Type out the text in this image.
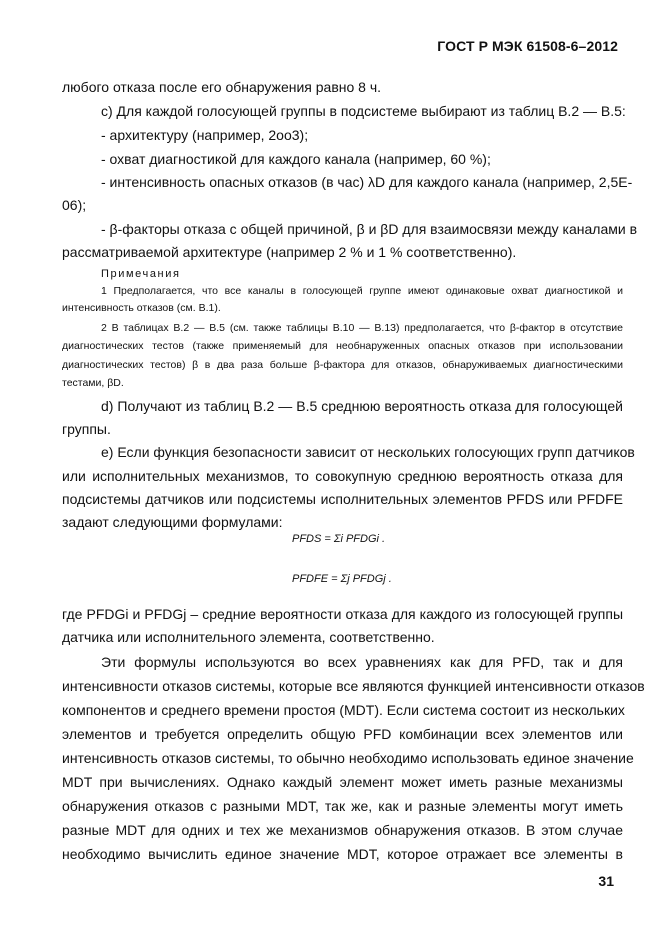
ГОСТ Р МЭК 61508-6–2012
любого отказа после его обнаружения равно 8 ч.
c) Для каждой голосующей группы в подсистеме выбирают из таблиц В.2 — В.5:
- архитектуру (например, 2oo3);
- охват диагностикой для каждого канала (например, 60 %);
- интенсивность опасных отказов (в час) λD для каждого канала (например, 2,5Е-
06);
- β-факторы отказа с общей причиной, β и βD для взаимосвязи между каналами в
рассматриваемой архитектуре (например 2 % и 1 % соответственно).
Примечания
1 Предполагается, что все каналы в голосующей группе имеют одинаковые охват диагностикой и
интенсивность отказов (см. В.1).
2 В таблицах В.2 — В.5 (см. также таблицы В.10 — В.13) предполагается, что β-фактор в отсутствие
диагностических тестов (также применяемый для необнаруженных опасных отказов при использовании
диагностических тестов) β в два раза больше β-фактора для отказов, обнаруживаемых диагностическими
тестами, βD.
d) Получают из таблиц В.2 — В.5 среднюю вероятность отказа для голосующей
группы.
e) Если функция безопасности зависит от нескольких голосующих групп датчиков
или исполнительных механизмов, то совокупную среднюю вероятность отказа для
подсистемы датчиков или подсистемы исполнительных элементов PFDS или PFDFE
задают следующими формулами:
PFDS = Σi PFDGi .
PFDFE = Σj PFDGj .
где PFDGi и PFDGj – средние вероятности отказа для каждого из голосующей группы
датчика или исполнительного элемента, соответственно.
Эти формулы используются во всех уравнениях как для PFD, так и для
интенсивности отказов системы, которые все являются функцией интенсивности отказов
компонентов и среднего времени простоя (MDT). Если система состоит из нескольких
элементов и требуется определить общую PFD комбинации всех элементов или
интенсивность отказов системы, то обычно необходимо использовать единое значение
MDT при вычислениях. Однако каждый элемент может иметь разные механизмы
обнаружения отказов с разными MDT, так же, как и разные элементы могут иметь
разные MDT для одних и тех же механизмов обнаружения отказов. В этом случае
необходимо вычислить единое значение MDT, которое отражает все элементы в
31
